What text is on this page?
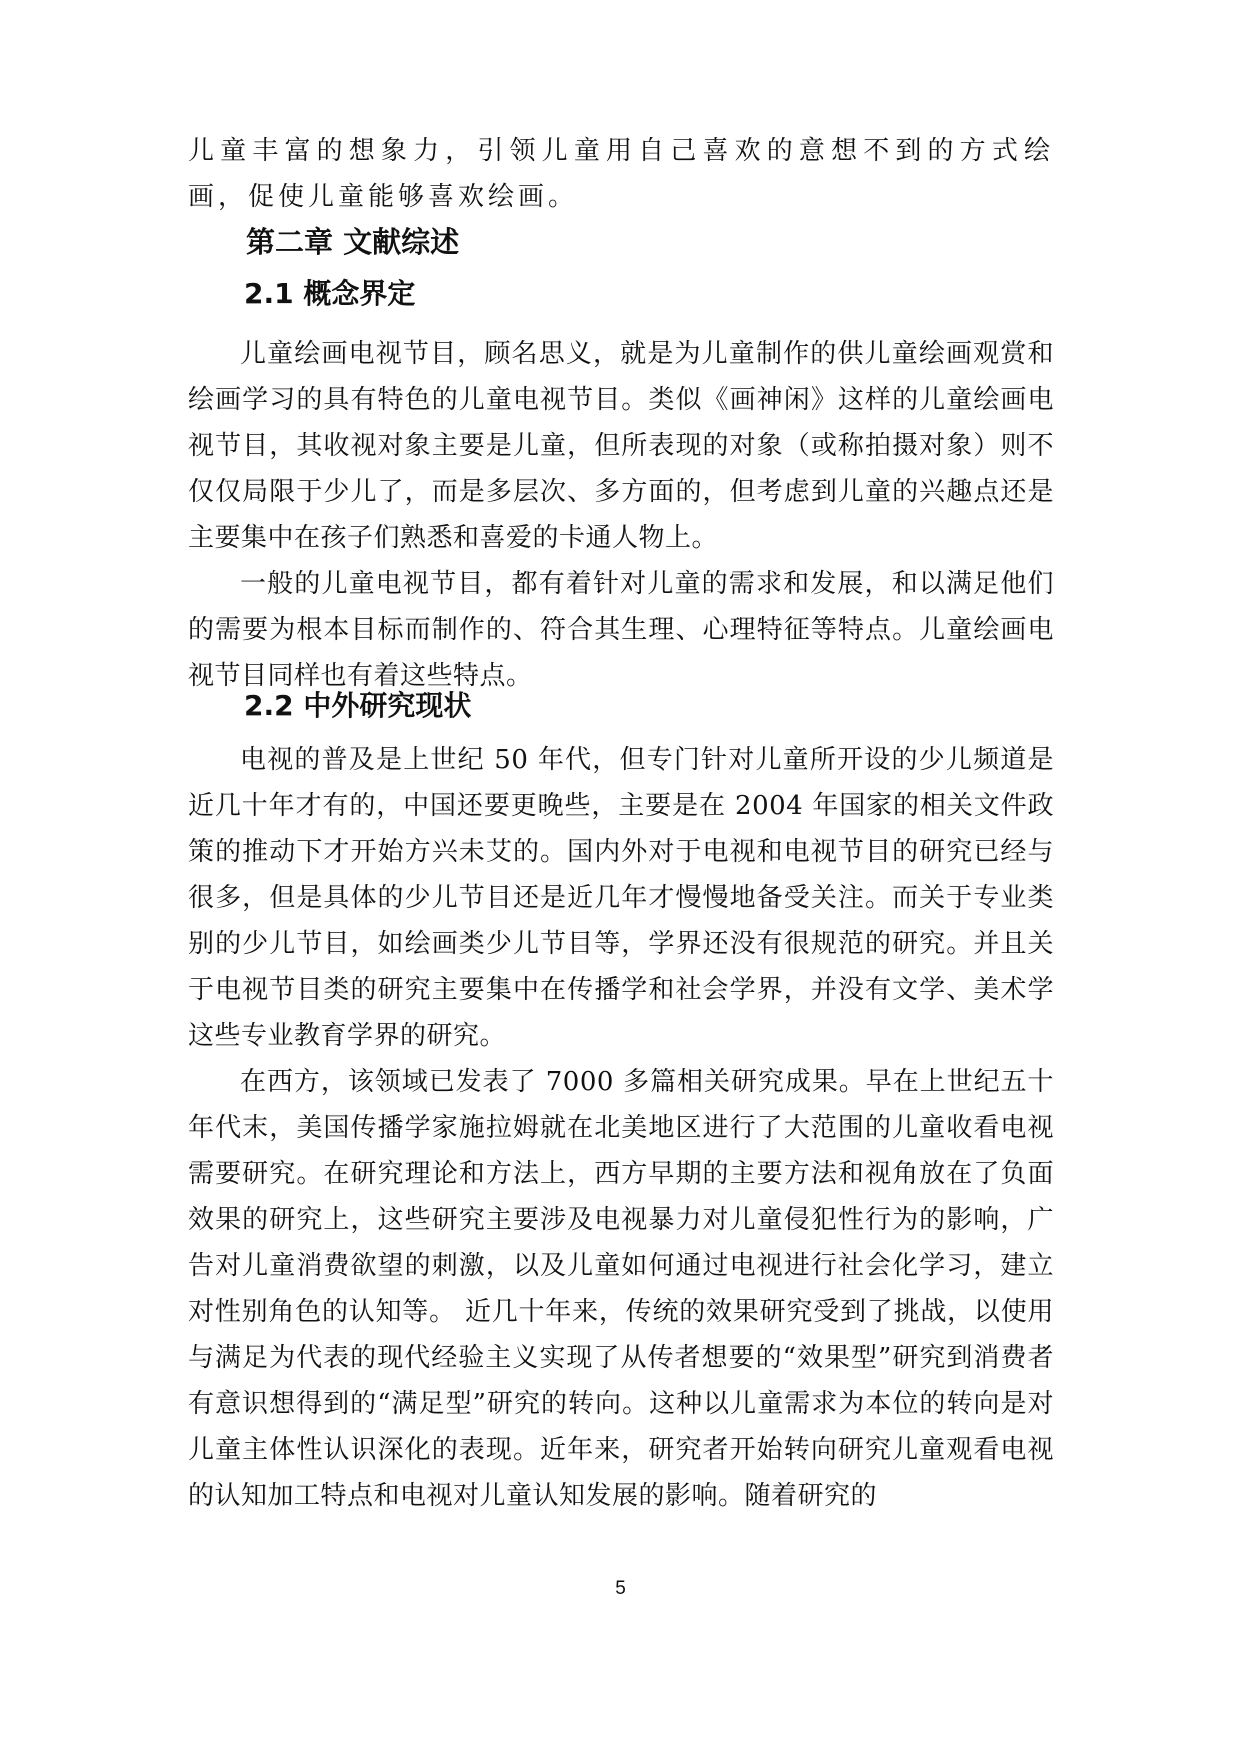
儿童丰富的想象力，引领儿童用自己喜欢的意想不到的方式绘画，促使儿童能够喜欢绘画。

第二章 文献综述
2.1 概念界定

儿童绘画电视节目，顾名思义，就是为儿童制作的供儿童绘画观赏和绘画学习的具有特色的儿童电视节目。类似《画神闲》这样的儿童绘画电视节目，其收视对象主要是儿童，但所表现的对象（或称拍摄对象）则不仅仅局限于少儿了，而是多层次、多方面的，但考虑到儿童的兴趣点还是主要集中在孩子们熟悉和喜爱的卡通人物上。

一般的儿童电视节目，都有着针对儿童的需求和发展，和以满足他们的需要为根本目标而制作的、符合其生理、心理特征等特点。儿童绘画电视节目同样也有着这些特点。

2.2 中外研究现状

电视的普及是上世纪 50 年代，但专门针对儿童所开设的少儿频道是近几十年才有的，中国还要更晚些，主要是在 2004 年国家的相关文件政策的推动下才开始方兴未艾的。国内外对于电视和电视节目的研究已经与很多，但是具体的少儿节目还是近几年才慢慢地备受关注。而关于专业类别的少儿节目，如绘画类少儿节目等，学界还没有很规范的研究。并且关于电视节目类的研究主要集中在传播学和社会学界，并没有文学、美术学这些专业教育学界的研究。

在西方，该领域已发表了 7000 多篇相关研究成果。早在上世纪五十年代末，美国传播学家施拉姆就在北美地区进行了大范围的儿童收看电视需要研究。在研究理论和方法上，西方早期的主要方法和视角放在了负面效果的研究上，这些研究主要涉及电视暴力对儿童侵犯性行为的影响，广告对儿童消费欲望的刺激，以及儿童如何通过电视进行社会化学习，建立对性别角色的认知等。 近几十年来，传统的效果研究受到了挑战，以使用与满足为代表的现代经验主义实现了从传者想要的“效果型”研究到消费者有意识想得到的“满足型”研究的转向。这种以儿童需求为本位的转向是对儿童主体性认识深化的表现。近年来，研究者开始转向研究儿童观看电视的认知加工特点和电视对儿童认知发展的影响。随着研究的

5
